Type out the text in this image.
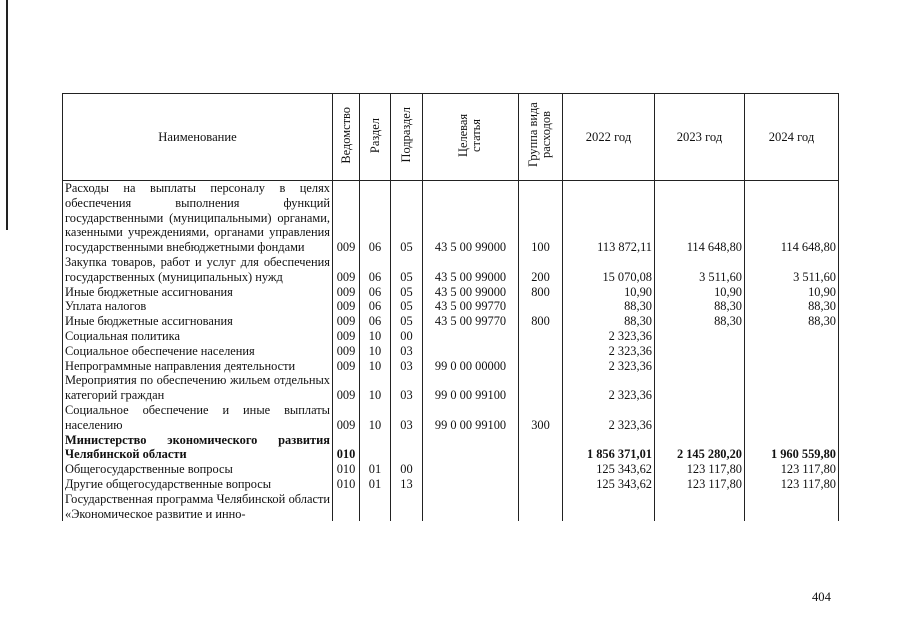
Наименование	Ведомство	Раздел	Подраздел	Целевая статья	Группа вида расходов	2022 год	2023 год	2024 год
Расходы на выплаты персоналу в целях обеспечения выполнения функций государственными (муниципальными) органами, казенными учреждениями, органами управления государственными внебюджетными фондами	009	06	05	43 5 00 99000	100	113 872,11	114 648,80	114 648,80
Закупка товаров, работ и услуг для обеспечения государственных (муниципальных) нужд	009	06	05	43 5 00 99000	200	15 070,08	3 511,60	3 511,60
Иные бюджетные ассигнования	009	06	05	43 5 00 99000	800	10,90	10,90	10,90
Уплата налогов	009	06	05	43 5 00 99770		88,30	88,30	88,30
Иные бюджетные ассигнования	009	06	05	43 5 00 99770	800	88,30	88,30	88,30
Социальная политика	009	10	00			2 323,36		
Социальное обеспечение населения	009	10	03			2 323,36		
Непрограммные направления деятельности	009	10	03	99 0 00 00000		2 323,36		
Мероприятия по обеспечению жильем отдельных категорий граждан	009	10	03	99 0 00 99100		2 323,36		
Социальное обеспечение и иные выплаты населению	009	10	03	99 0 00 99100	300	2 323,36		
Министерство экономического развития Челябинской области	010					1 856 371,01	2 145 280,20	1 960 559,80
Общегосударственные вопросы	010	01	00			125 343,62	123 117,80	123 117,80
Другие общегосударственные вопросы	010	01	13			125 343,62	123 117,80	123 117,80
Государственная программа Челябинской области «Экономическое развитие и инно-								
404
